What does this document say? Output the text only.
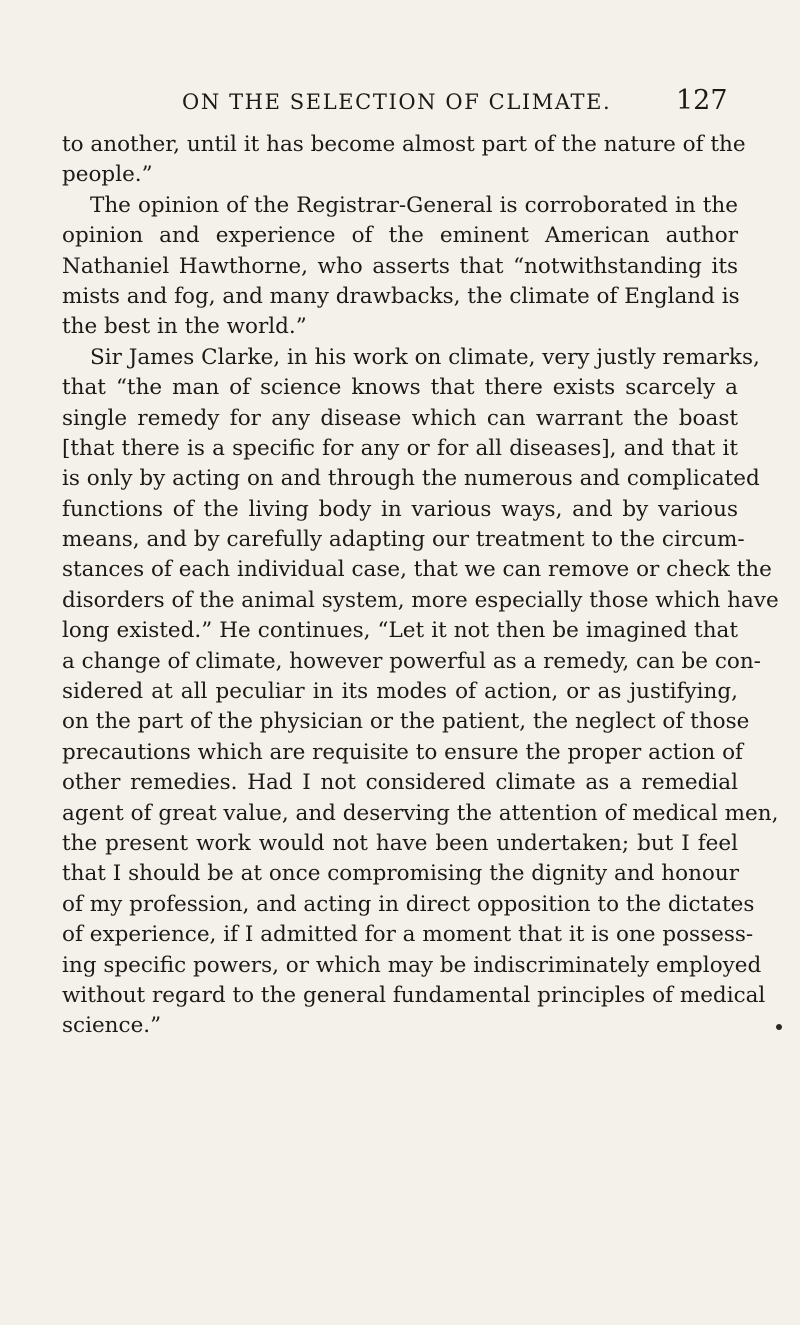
ON THE SELECTION OF CLIMATE. 127
to another, until it has become almost part of the nature of the
people.”
The opinion of the Registrar-General is corroborated in the
opinion and experience of the eminent American author
Nathaniel Hawthorne, who asserts that “notwithstanding its
mists and fog, and many drawbacks, the climate of England is
the best in the world.”
Sir James Clarke, in his work on climate, very justly remarks,
that “the man of science knows that there exists scarcely a
single remedy for any disease which can warrant the boast
[that there is a specific for any or for all diseases], and that it
is only by acting on and through the numerous and complicated
functions of the living body in various ways, and by various
means, and by carefully adapting our treatment to the circum-
stances of each individual case, that we can remove or check the
disorders of the animal system, more especially those which have
long existed.” He continues, “Let it not then be imagined that
a change of climate, however powerful as a remedy, can be con-
sidered at all peculiar in its modes of action, or as justifying,
on the part of the physician or the patient, the neglect of those
precautions which are requisite to ensure the proper action of
other remedies. Had I not considered climate as a remedial
agent of great value, and deserving the attention of medical men,
the present work would not have been undertaken; but I feel
that I should be at once compromising the dignity and honour
of my profession, and acting in direct opposition to the dictates
of experience, if I admitted for a moment that it is one possess-
ing specific powers, or which may be indiscriminately employed
without regard to the general fundamental principles of medical
science.”
